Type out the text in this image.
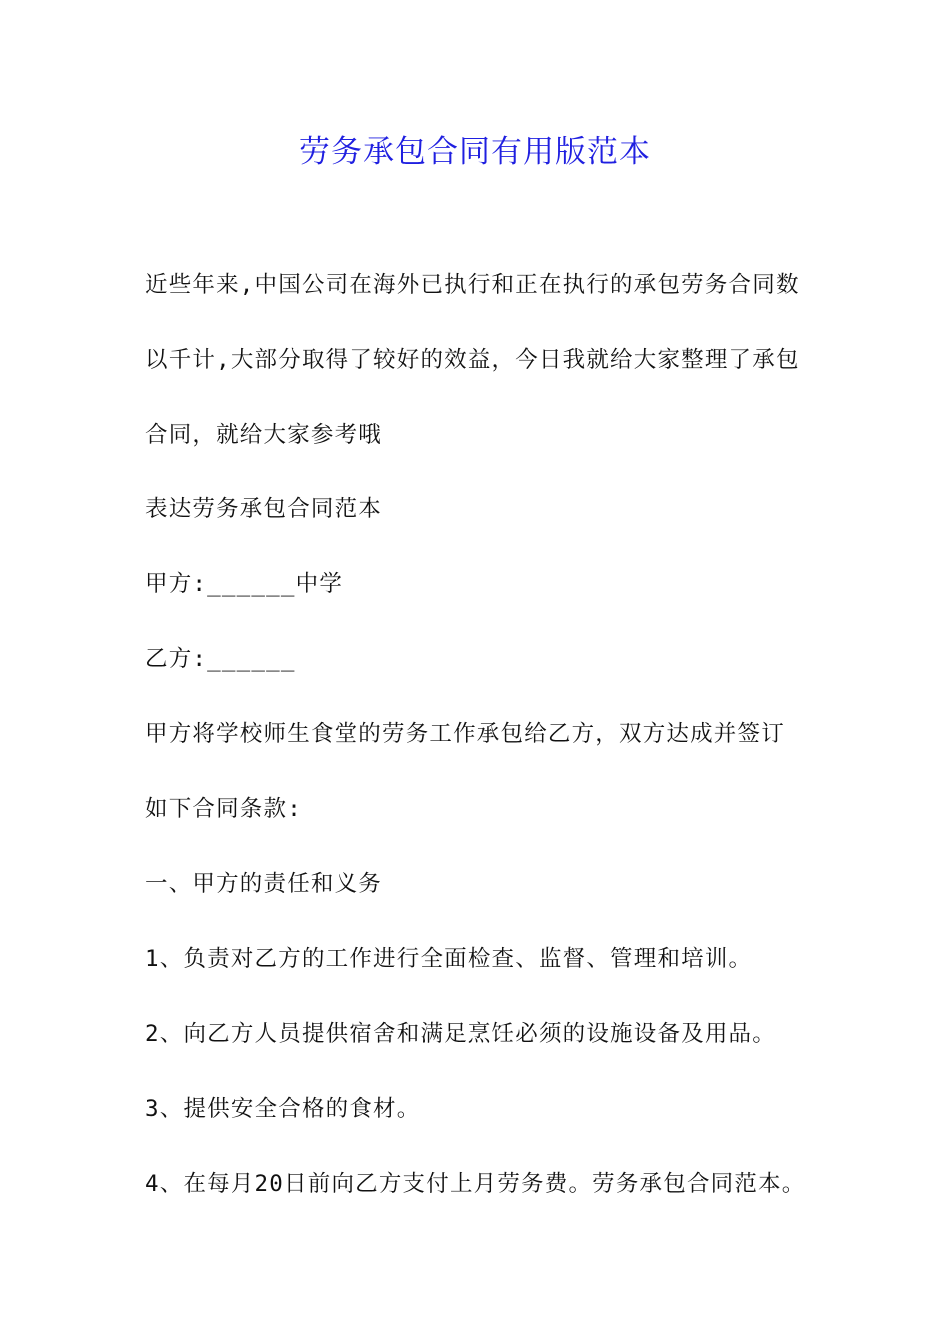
劳务承包合同有用版范本

近些年来,中国公司在海外已执行和正在执行的承包劳务合同数

以千计,大部分取得了较好的效益，今日我就给大家整理了承包

合同，就给大家参考哦

表达劳务承包合同范本

甲方:______中学

乙方:______

甲方将学校师生食堂的劳务工作承包给乙方，双方达成并签订

如下合同条款:

一、甲方的责任和义务

1、负责对乙方的工作进行全面检查、监督、管理和培训。

2、向乙方人员提供宿舍和满足烹饪必须的设施设备及用品。

3、提供安全合格的食材。

4、在每月20日前向乙方支付上月劳务费。劳务承包合同范本。
